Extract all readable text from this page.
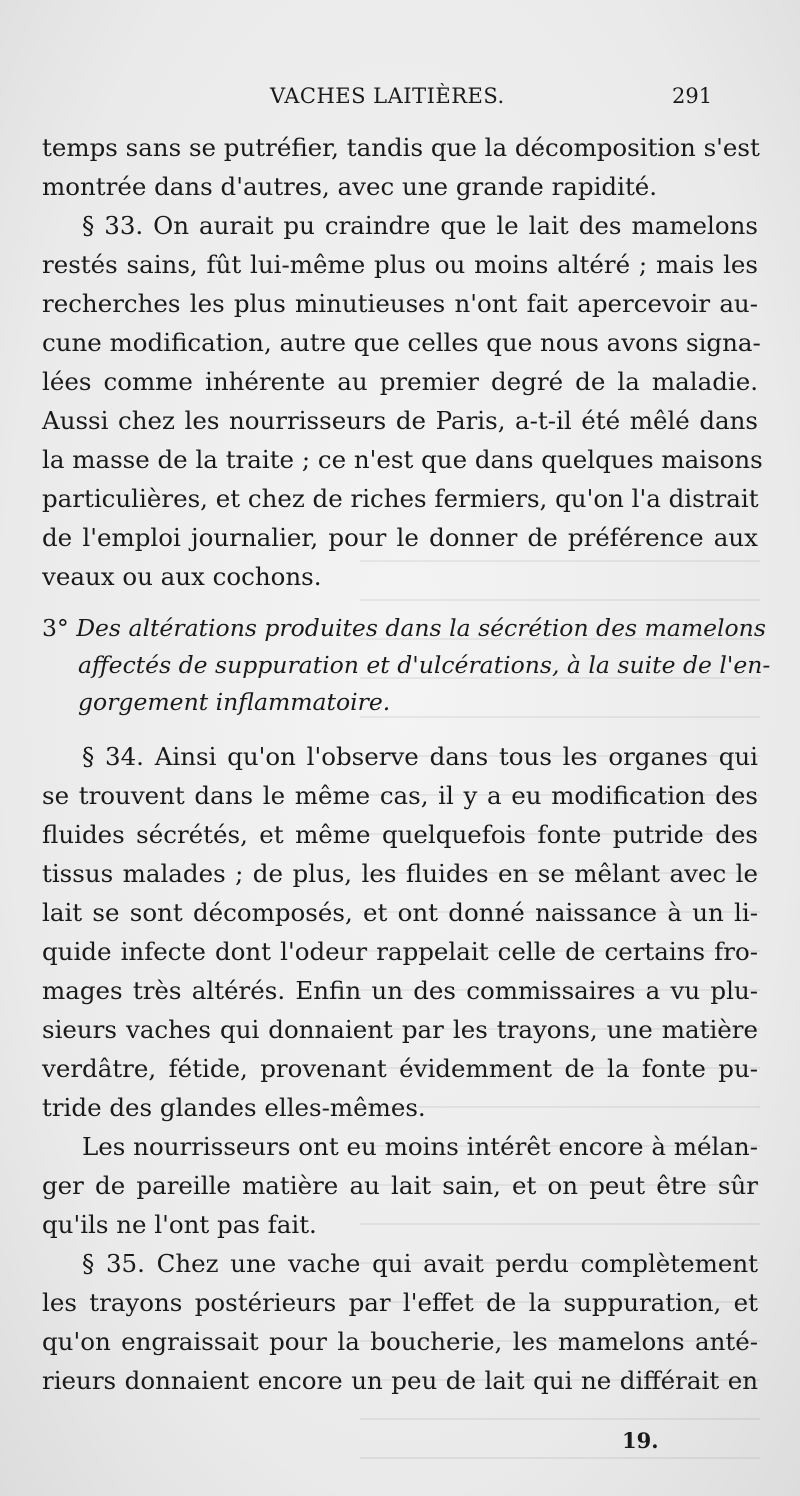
VACHES LAITIÈRES.	291
temps sans se putréfier, tandis que la décomposition s'est
montrée dans d'autres, avec une grande rapidité.
§ 33. On aurait pu craindre que le lait des mamelons
restés sains, fût lui-même plus ou moins altéré ; mais les
recherches les plus minutieuses n'ont fait apercevoir au-
cune modification, autre que celles que nous avons signa-
lées comme inhérente au premier degré de la maladie.
Aussi chez les nourrisseurs de Paris, a-t-il été mêlé dans
la masse de la traite ; ce n'est que dans quelques maisons
particulières, et chez de riches fermiers, qu'on l'a distrait
de l'emploi journalier, pour le donner de préférence aux
veaux ou aux cochons.
3° Des altérations produites dans la sécrétion des mamelons
affectés de suppuration et d'ulcérations, à la suite de l'en-
gorgement inflammatoire.
§ 34. Ainsi qu'on l'observe dans tous les organes qui
se trouvent dans le même cas, il y a eu modification des
fluides sécrétés, et même quelquefois fonte putride des
tissus malades ; de plus, les fluides en se mêlant avec le
lait se sont décomposés, et ont donné naissance à un li-
quide infecte dont l'odeur rappelait celle de certains fro-
mages très altérés. Enfin un des commissaires a vu plu-
sieurs vaches qui donnaient par les trayons, une matière
verdâtre, fétide, provenant évidemment de la fonte pu-
tride des glandes elles-mêmes.
Les nourrisseurs ont eu moins intérêt encore à mélan-
ger de pareille matière au lait sain, et on peut être sûr
qu'ils ne l'ont pas fait.
§ 35. Chez une vache qui avait perdu complètement
les trayons postérieurs par l'effet de la suppuration, et
qu'on engraissait pour la boucherie, les mamelons anté-
rieurs donnaient encore un peu de lait qui ne différait en
19.
